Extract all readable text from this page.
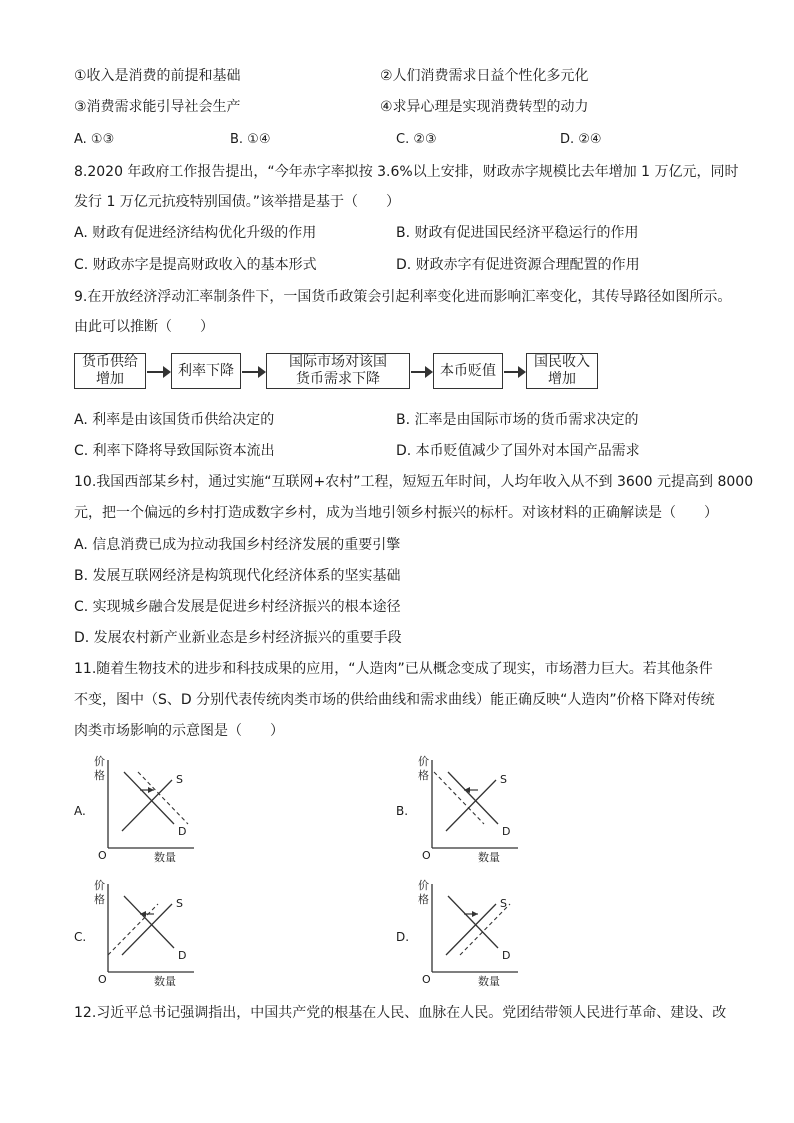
①收入是消费的前提和基础	②人们消费需求日益个性化多元化
③消费需求能引导社会生产	④求异心理是实现消费转型的动力
A. ①③	B. ①④	C. ②③	D. ②④
8.2020 年政府工作报告提出，“今年赤字率拟按 3.6%以上安排，财政赤字规模比去年增加 1 万亿元，同时
发行 1 万亿元抗疫特别国债。”该举措是基于（　　）
A. 财政有促进经济结构优化升级的作用	B. 财政有促进国民经济平稳运行的作用
C. 财政赤字是提高财政收入的基本形式	D. 财政赤字有促进资源合理配置的作用
9.在开放经济浮动汇率制条件下，一国货币政策会引起利率变化进而影响汇率变化，其传导路径如图所示。
由此可以推断（　　）
货币供给
增加
利率下降
国际市场对该国
货币需求下降
本币贬值
国民收入
增加
A. 利率是由该国货币供给决定的	B. 汇率是由国际市场的货币需求决定的
C. 利率下降将导致国际资本流出	D. 本币贬值减少了国外对本国产品需求
10.我国西部某乡村，通过实施“互联网+农村”工程，短短五年时间，人均年收入从不到 3600 元提高到 8000
元，把一个偏远的乡村打造成数字乡村，成为当地引领乡村振兴的标杆。对该材料的正确解读是（　　）
A. 信息消费已成为拉动我国乡村经济发展的重要引擎
B. 发展互联网经济是构筑现代化经济体系的坚实基础
C. 实现城乡融合发展是促进乡村经济振兴的根本途径
D. 发展农村新产业新业态是乡村经济振兴的重要手段
11.随着生物技术的进步和科技成果的应用，“人造肉”已从概念变成了现实，市场潜力巨大。若其他条件
不变，图中（S、D 分别代表传统肉类市场的供给曲线和需求曲线）能正确反映“人造肉”价格下降对传统
肉类市场影响的示意图是（　　）
A.
价
格
O	数量
S
D
B.
价
格
O	数量
S
D
C.
价
格
O	数量
S
D
D.
价
格
O	数量
S
D
12.习近平总书记强调指出，中国共产党的根基在人民、血脉在人民。党团结带领人民进行革命、建设、改
